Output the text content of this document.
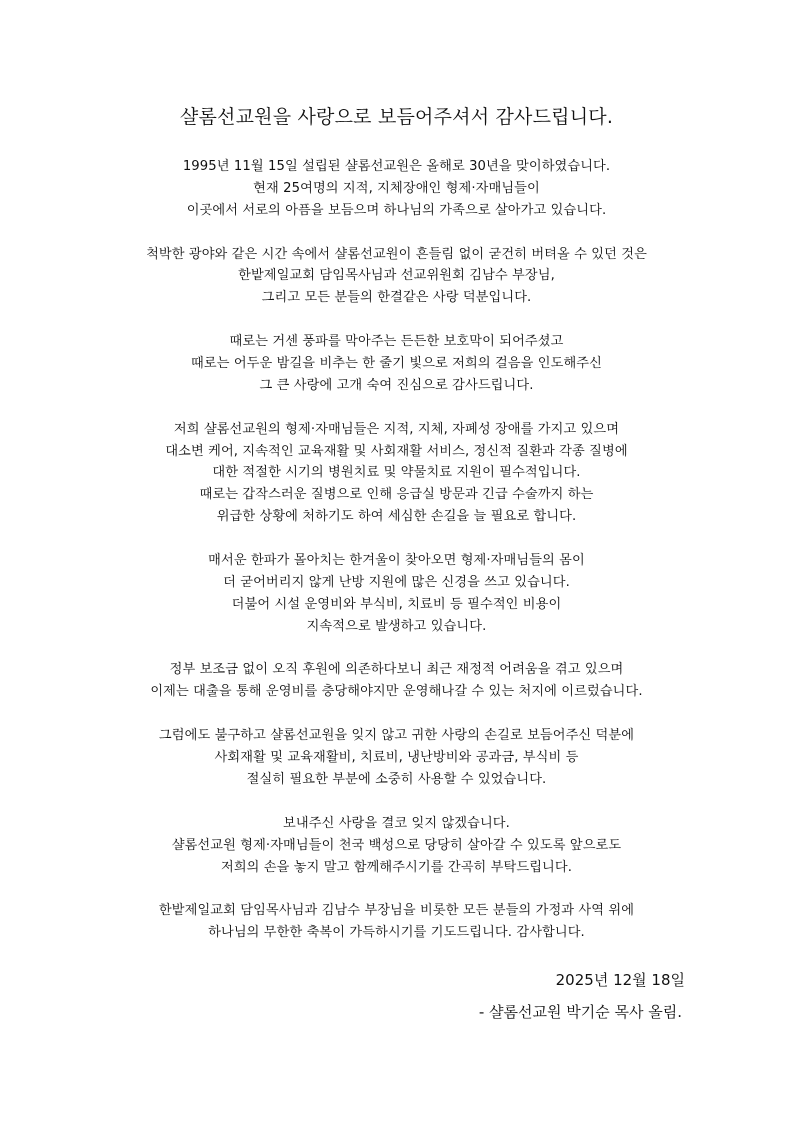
샬롬선교원을 사랑으로 보듬어주셔서 감사드립니다.
1995년 11월 15일 설립된 샬롬선교원은 올해로 30년을 맞이하였습니다.
현재 25여명의 지적, 지체장애인 형제·자매님들이
이곳에서 서로의 아픔을 보듬으며 하나님의 가족으로 살아가고 있습니다.
척박한 광야와 같은 시간 속에서 샬롬선교원이 흔들림 없이 굳건히 버텨올 수 있던 것은
한밭제일교회 담임목사님과 선교위원회 김남수 부장님,
그리고 모든 분들의 한결같은 사랑 덕분입니다.
때로는 거센 풍파를 막아주는 든든한 보호막이 되어주셨고
때로는 어두운 밤길을 비추는 한 줄기 빛으로 저희의 걸음을 인도해주신
그 큰 사랑에 고개 숙여 진심으로 감사드립니다.
저희 샬롬선교원의 형제·자매님들은 지적, 지체, 자폐성 장애를 가지고 있으며
대소변 케어, 지속적인 교육재활 및 사회재활 서비스, 정신적 질환과 각종 질병에
대한 적절한 시기의 병원치료 및 약물치료 지원이 필수적입니다.
때로는 갑작스러운 질병으로 인해 응급실 방문과 긴급 수술까지 하는
위급한 상황에 처하기도 하여 세심한 손길을 늘 필요로 합니다.
매서운 한파가 몰아치는 한겨울이 찾아오면 형제·자매님들의 몸이
더 굳어버리지 않게 난방 지원에 많은 신경을 쓰고 있습니다.
더불어 시설 운영비와 부식비, 치료비 등 필수적인 비용이
지속적으로 발생하고 있습니다.
정부 보조금 없이 오직 후원에 의존하다보니 최근 재정적 어려움을 겪고 있으며
이제는 대출을 통해 운영비를 충당해야지만 운영해나갈 수 있는 처지에 이르렀습니다.
그럼에도 불구하고 샬롬선교원을 잊지 않고 귀한 사랑의 손길로 보듬어주신 덕분에
사회재활 및 교육재활비, 치료비, 냉난방비와 공과금, 부식비 등
절실히 필요한 부분에 소중히 사용할 수 있었습니다.
보내주신 사랑을 결코 잊지 않겠습니다.
샬롬선교원 형제·자매님들이 천국 백성으로 당당히 살아갈 수 있도록 앞으로도
저희의 손을 놓지 말고 함께해주시기를 간곡히 부탁드립니다.
한밭제일교회 담임목사님과 김남수 부장님을 비롯한 모든 분들의 가정과 사역 위에
하나님의 무한한 축복이 가득하시기를 기도드립니다. 감사합니다.
2025년 12월 18일
- 샬롬선교원 박기순 목사 올림.
